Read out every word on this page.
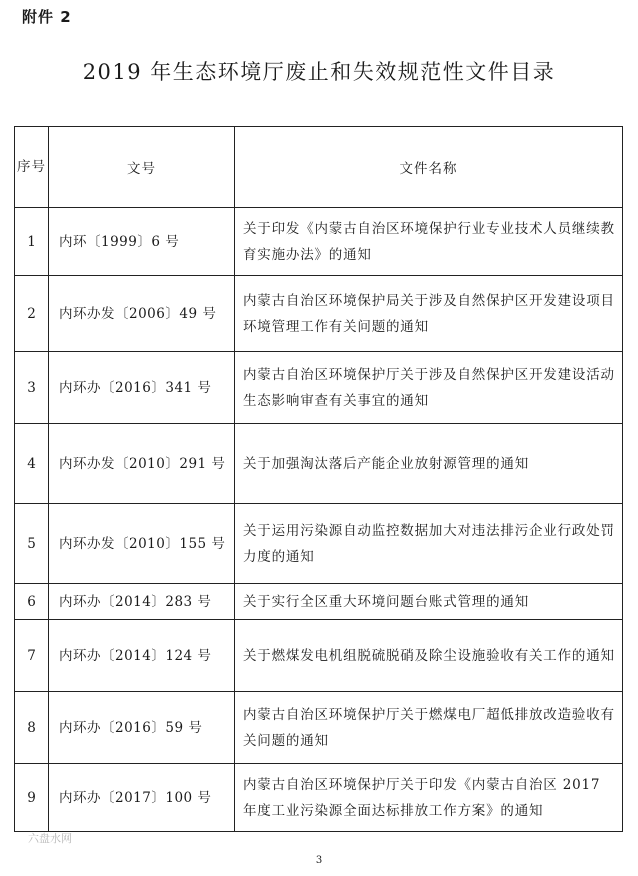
附件 2
2019 年生态环境厅废止和失效规范性文件目录
序号	文号	文件名称
1	内环〔1999〕6 号	关于印发《内蒙古自治区环境保护行业专业技术人员继续教育实施办法》的通知
2	内环办发〔2006〕49 号	内蒙古自治区环境保护局关于涉及自然保护区开发建设项目环境管理工作有关问题的通知
3	内环办〔2016〕341 号	内蒙古自治区环境保护厅关于涉及自然保护区开发建设活动生态影响审查有关事宜的通知
4	内环办发〔2010〕291 号	关于加强淘汰落后产能企业放射源管理的通知
5	内环办发〔2010〕155 号	关于运用污染源自动监控数据加大对违法排污企业行政处罚力度的通知
6	内环办〔2014〕283 号	关于实行全区重大环境问题台账式管理的通知
7	内环办〔2014〕124 号	关于燃煤发电机组脱硫脱硝及除尘设施验收有关工作的通知
8	内环办〔2016〕59 号	内蒙古自治区环境保护厅关于燃煤电厂超低排放改造验收有关问题的通知
9	内环办〔2017〕100 号	内蒙古自治区环境保护厅关于印发《内蒙古自治区 2017 年度工业污染源全面达标排放工作方案》的通知
六盘水网
3
